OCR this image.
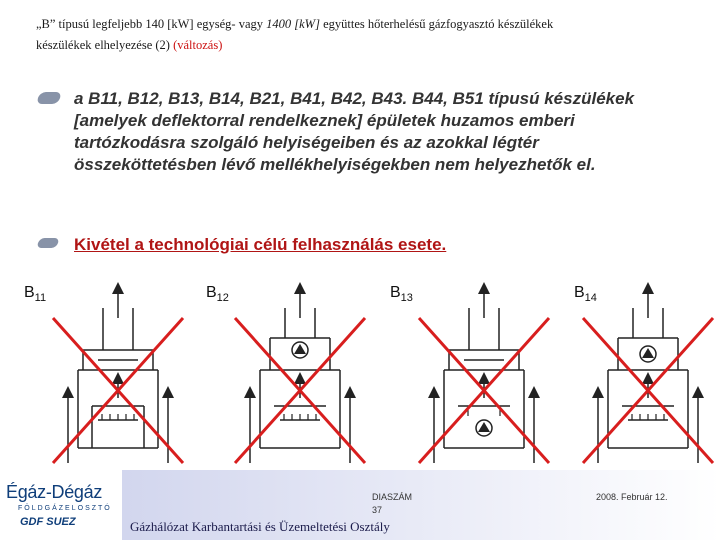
„B” típusú legfeljebb 140 [kW] egység- vagy 1400 [kW] együttes hőterhelésű gázfogyasztó készülékek
készülékek elhelyezése (2) (változás)
a B11, B12, B13, B14, B21, B41, B42, B43. B44, B51 típusú készülékek [amelyek deflektorral rendelkeznek] épületek huzamos emberi tartózkodásra szolgáló helyiségeiben és az azokkal légtér összeköttetésben lévő mellékhelyiségekben nem helyezhetők el.
Kivétel a technológiai célú felhasználás esete.
$B_{11}$	$B_{12}$	$B_{13}$	$B_{14}$
Égáz-Dégáz
FÖLDGÁZELOSZTÓ
GDF SUEZ
DIASZÁM
37
2008. Február 12.
Gázhálózat Karbantartási és Üzemeltetési Osztály
